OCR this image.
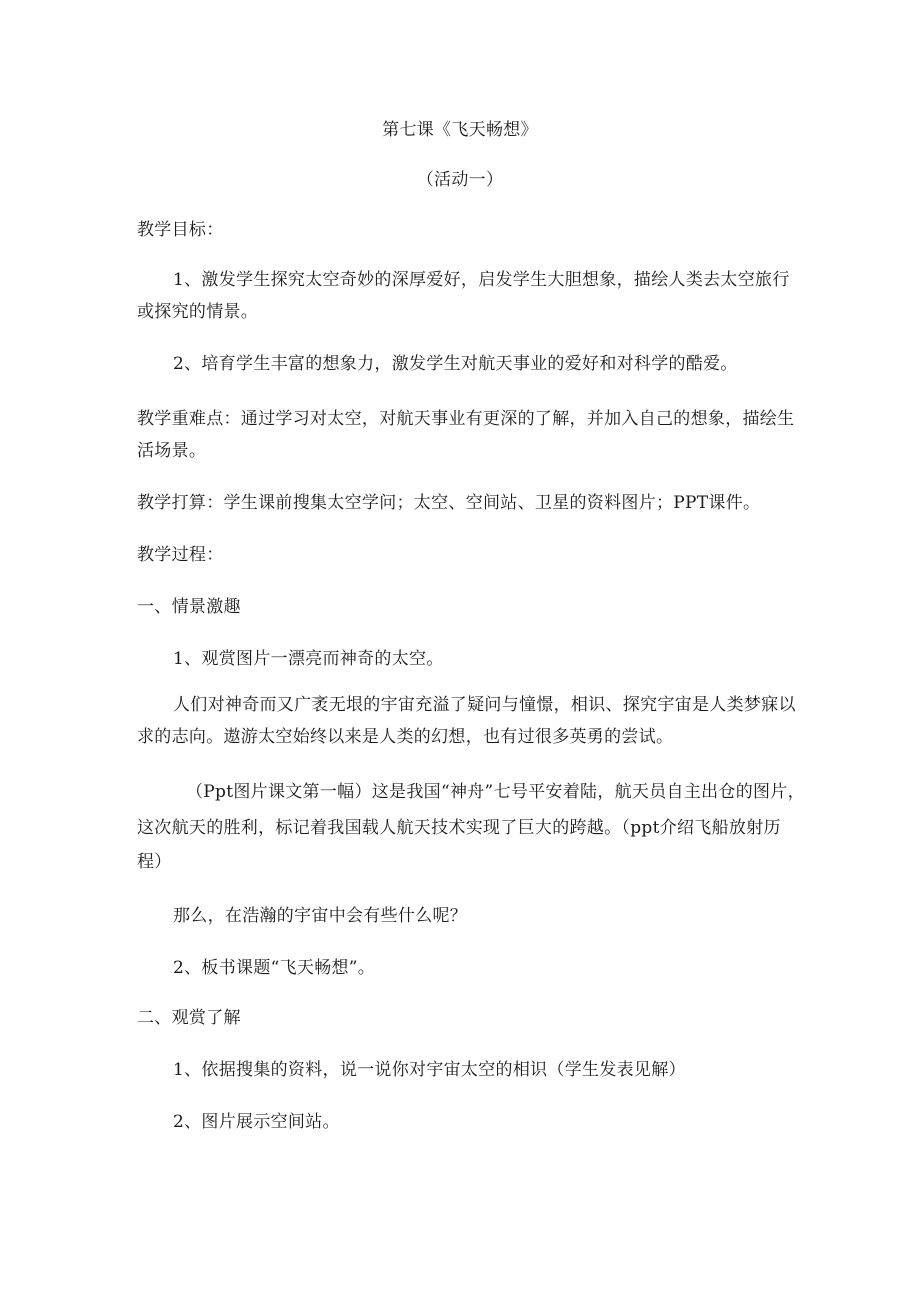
第七课《飞天畅想》
（活动一）
教学目标：
1、激发学生探究太空奇妙的深厚爱好，启发学生大胆想象，描绘人类去太空旅行
或探究的情景。
2、培育学生丰富的想象力，激发学生对航天事业的爱好和对科学的酷爱。
教学重难点：通过学习对太空，对航天事业有更深的了解，并加入自己的想象，描绘生
活场景。
教学打算：学生课前搜集太空学问；太空、空间站、卫星的资料图片；PPT课件。
教学过程：
一、情景激趣
1、观赏图片一漂亮而神奇的太空。
人们对神奇而又广袤无垠的宇宙充溢了疑问与憧憬，相识、探究宇宙是人类梦寐以
求的志向。遨游太空始终以来是人类的幻想，也有过很多英勇的尝试。
（Ppt图片课文第一幅）这是我国“神舟”七号平安着陆，航天员自主出仓的图片，
这次航天的胜利，标记着我国载人航天技术实现了巨大的跨越。（ppt介绍飞船放射历
程）
那么，在浩瀚的宇宙中会有些什么呢？
2、板书课题“飞天畅想”。
二、观赏了解
1、依据搜集的资料，说一说你对宇宙太空的相识（学生发表见解）
2、图片展示空间站。
